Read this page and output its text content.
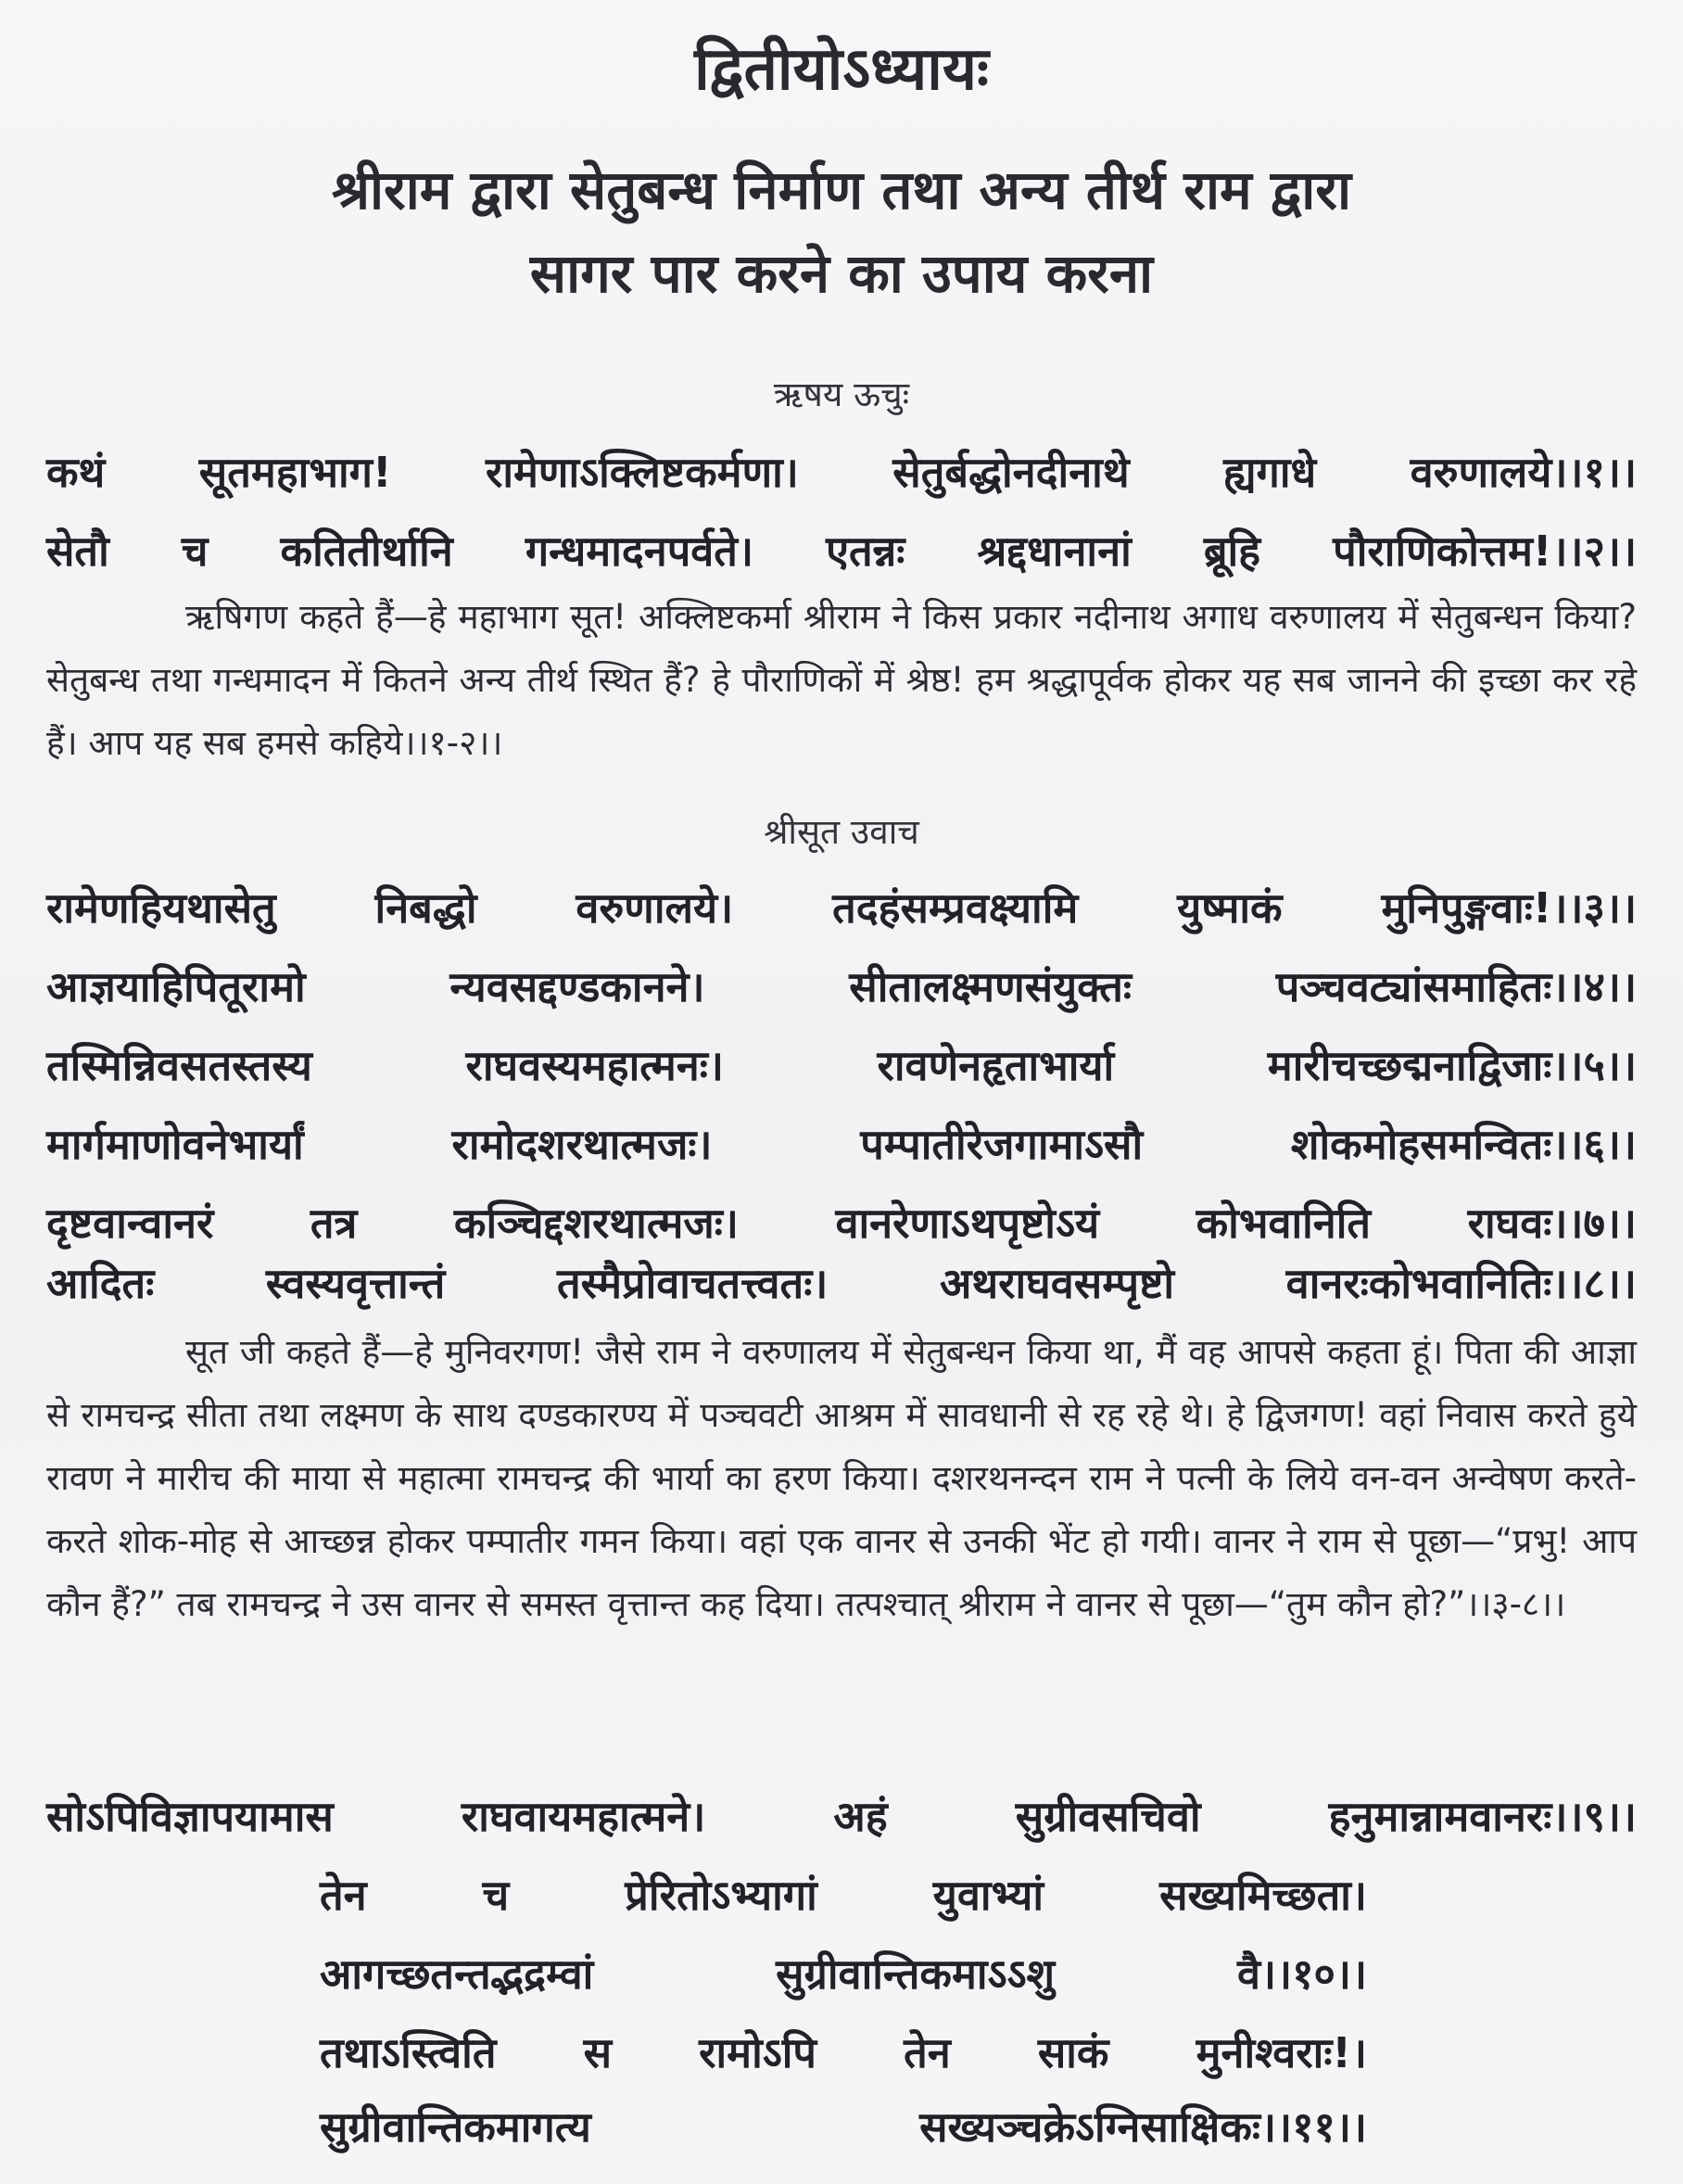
द्वितीयोऽध्यायः
श्रीराम द्वारा सेतुबन्ध निर्माण तथा अन्य तीर्थ राम द्वारा
सागर पार करने का उपाय करना
ऋषय ऊचुः
कथं सूतमहाभाग! रामेणाऽक्लिष्टकर्मणा। सेतुर्बद्धोनदीनाथे ह्यगाधे वरुणालये।।१।।
सेतौ च कतितीर्थानि गन्धमादनपर्वते। एतन्नः श्रद्दधानानां ब्रूहि पौराणिकोत्तम!।।२।।
ऋषिगण कहते हैं—हे महाभाग सूत! अक्लिष्टकर्मा श्रीराम ने किस प्रकार नदीनाथ अगाध वरुणालय में सेतुबन्धन किया? सेतुबन्ध तथा गन्धमादन में कितने अन्य तीर्थ स्थित हैं? हे पौराणिकों में श्रेष्ठ! हम श्रद्धापूर्वक होकर यह सब जानने की इच्छा कर रहे हैं। आप यह सब हमसे कहिये।।१-२।।
श्रीसूत उवाच
रामेणहियथासेतु निबद्धो वरुणालये। तदहंसम्प्रवक्ष्यामि युष्माकं मुनिपुङ्गवाः!।।३।।
आज्ञयाहिपितूरामो न्यवसद्दण्डकानने। सीतालक्ष्मणसंयुक्तः पञ्चवट्यांसमाहितः।।४।।
तस्मिन्निवसतस्तस्य राघवस्यमहात्मनः। रावणेनहृताभार्या मारीचच्छद्मनाद्विजाः।।५।।
मार्गमाणोवनेभार्यां रामोदशरथात्मजः। पम्पातीरेजगामाऽसौ शोकमोहसमन्वितः।।६।।
दृष्टवान्वानरं तत्र कञ्चिद्दशरथात्मजः। वानरेणाऽथपृष्टोऽयं कोभवानिति राघवः।।७।।
आदितः स्वस्यवृत्तान्तं तस्मैप्रोवाचतत्त्वतः। अथराघवसम्पृष्टो वानरःकोभवानितिः।।८।।
सूत जी कहते हैं—हे मुनिवरगण! जैसे राम ने वरुणालय में सेतुबन्धन किया था, मैं वह आपसे कहता हूं। पिता की आज्ञा से रामचन्द्र सीता तथा लक्ष्मण के साथ दण्डकारण्य में पञ्चवटी आश्रम में सावधानी से रह रहे थे। हे द्विजगण! वहां निवास करते हुये रावण ने मारीच की माया से महात्मा रामचन्द्र की भार्या का हरण किया। दशरथनन्दन राम ने पत्नी के लिये वन-वन अन्वेषण करते-करते शोक-मोह से आच्छन्न होकर पम्पातीर गमन किया। वहां एक वानर से उनकी भेंट हो गयी। वानर ने राम से पूछा—“प्रभु! आप कौन हैं?” तब रामचन्द्र ने उस वानर से समस्त वृत्तान्त कह दिया। तत्पश्चात् श्रीराम ने वानर से पूछा—“तुम कौन हो?”।।३-८।।
सोऽपिविज्ञापयामास राघवायमहात्मने। अहं सुग्रीवसचिवो हनुमान्नामवानरः।।९।।
तेन च प्रेरितोऽभ्यागां युवाभ्यां सख्यमिच्छता।
आगच्छतन्तद्भद्रम्वां सुग्रीवान्तिकमाऽऽशु वै।।१०।।
तथाऽस्त्विति स रामोऽपि तेन साकं मुनीश्वराः!।
सुग्रीवान्तिकमागत्य सख्यञ्चक्रेऽग्निसाक्षिकः।।११।।
